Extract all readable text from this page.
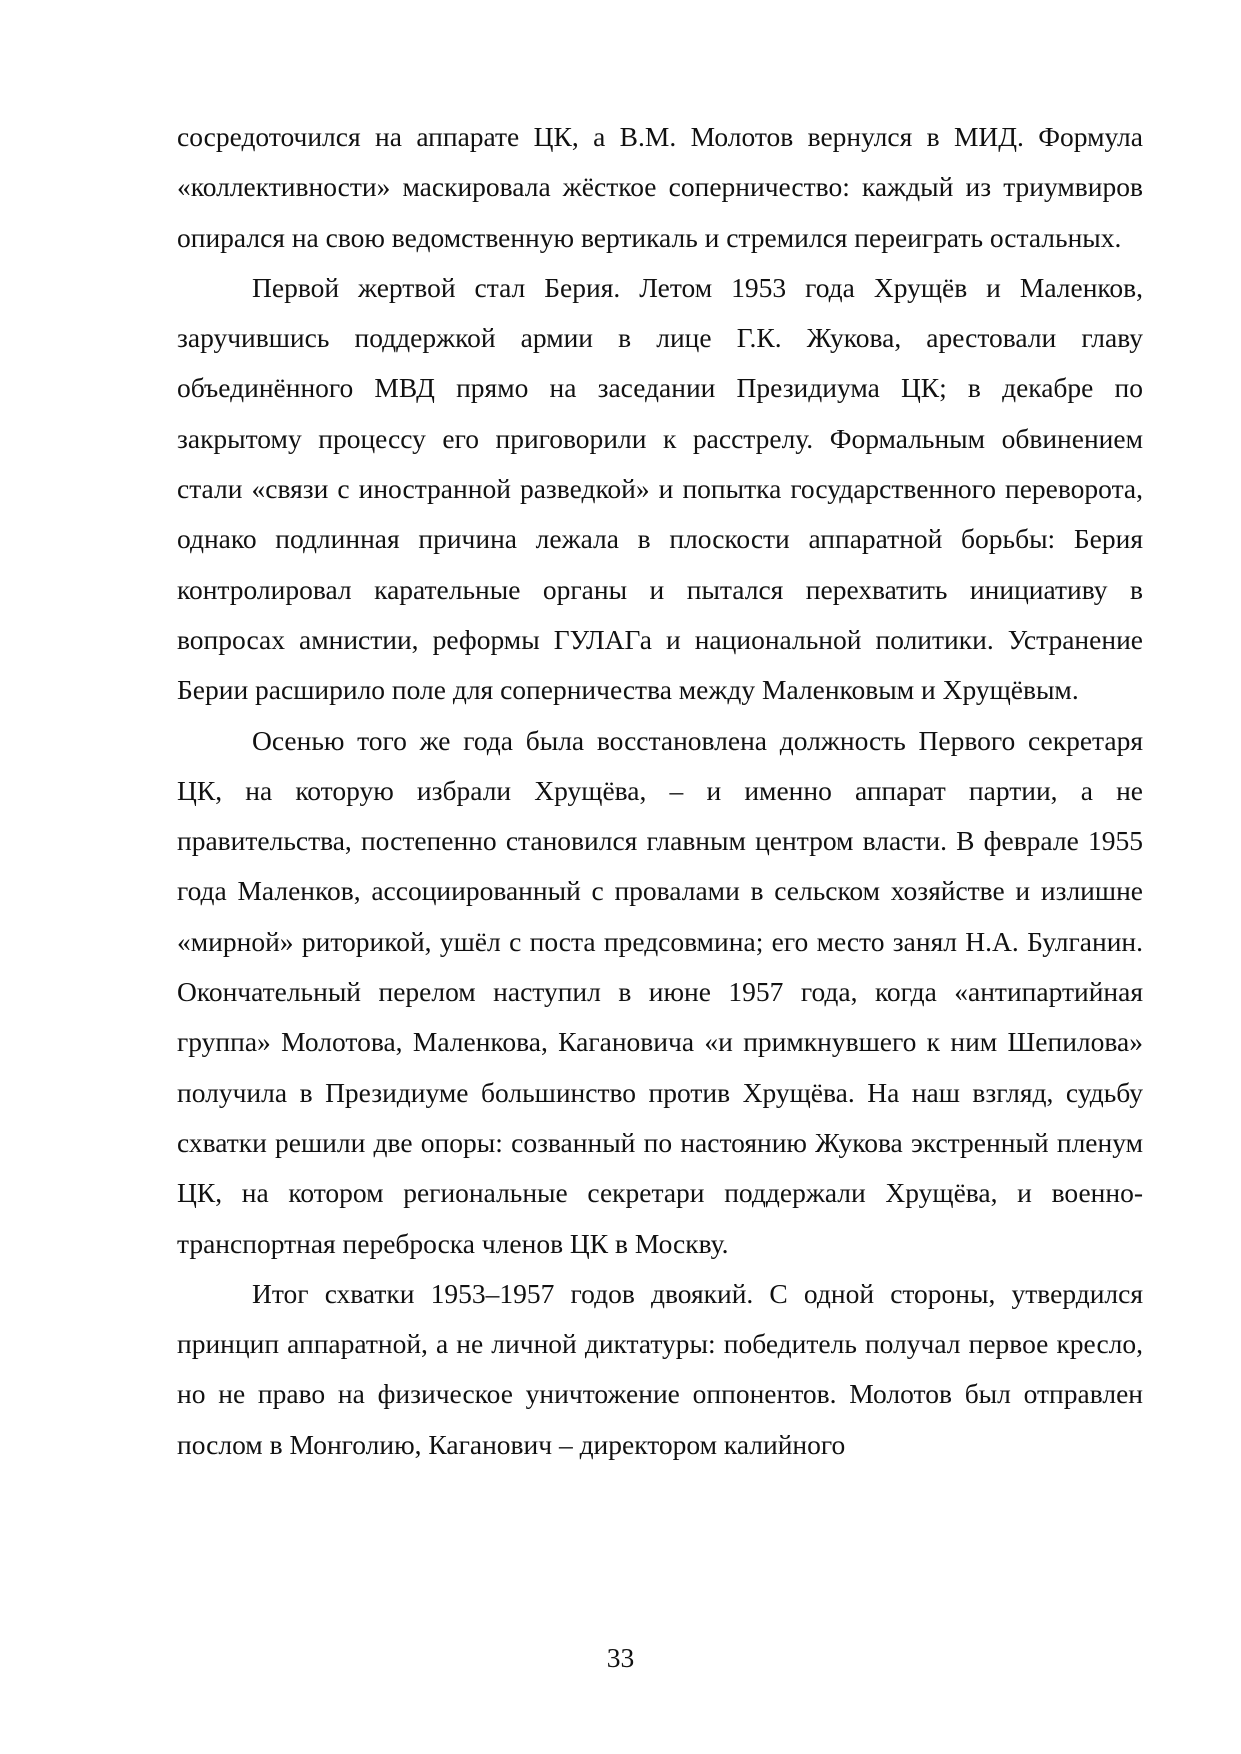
сосредоточился на аппарате ЦК, а В.М. Молотов вернулся в МИД. Формула «коллективности» маскировала жёсткое соперничество: каждый из триумвиров опирался на свою ведомственную вертикаль и стремился переиграть остальных.

Первой жертвой стал Берия. Летом 1953 года Хрущёв и Маленков, заручившись поддержкой армии в лице Г.К. Жукова, арестовали главу объединённого МВД прямо на заседании Президиума ЦК; в декабре по закрытому процессу его приговорили к расстрелу. Формальным обвинением стали «связи с иностранной разведкой» и попытка государственного переворота, однако подлинная причина лежала в плоскости аппаратной борьбы: Берия контролировал карательные органы и пытался перехватить инициативу в вопросах амнистии, реформы ГУЛАГа и национальной политики. Устранение Берии расширило поле для соперничества между Маленковым и Хрущёвым.

Осенью того же года была восстановлена должность Первого секретаря ЦК, на которую избрали Хрущёва, – и именно аппарат партии, а не правительства, постепенно становился главным центром власти. В феврале 1955 года Маленков, ассоциированный с провалами в сельском хозяйстве и излишне «мирной» риторикой, ушёл с поста предсовмина; его место занял Н.А. Булганин. Окончательный перелом наступил в июне 1957 года, когда «антипартийная группа» Молотова, Маленкова, Кагановича «и примкнувшего к ним Шепилова» получила в Президиуме большинство против Хрущёва. На наш взгляд, судьбу схватки решили две опоры: созванный по настоянию Жукова экстренный пленум ЦК, на котором региональные секретари поддержали Хрущёва, и военно-транспортная переброска членов ЦК в Москву.

Итог схватки 1953–1957 годов двоякий. С одной стороны, утвердился принцип аппаратной, а не личной диктатуры: победитель получал первое кресло, но не право на физическое уничтожение оппонентов. Молотов был отправлен послом в Монголию, Каганович – директором калийного

33
